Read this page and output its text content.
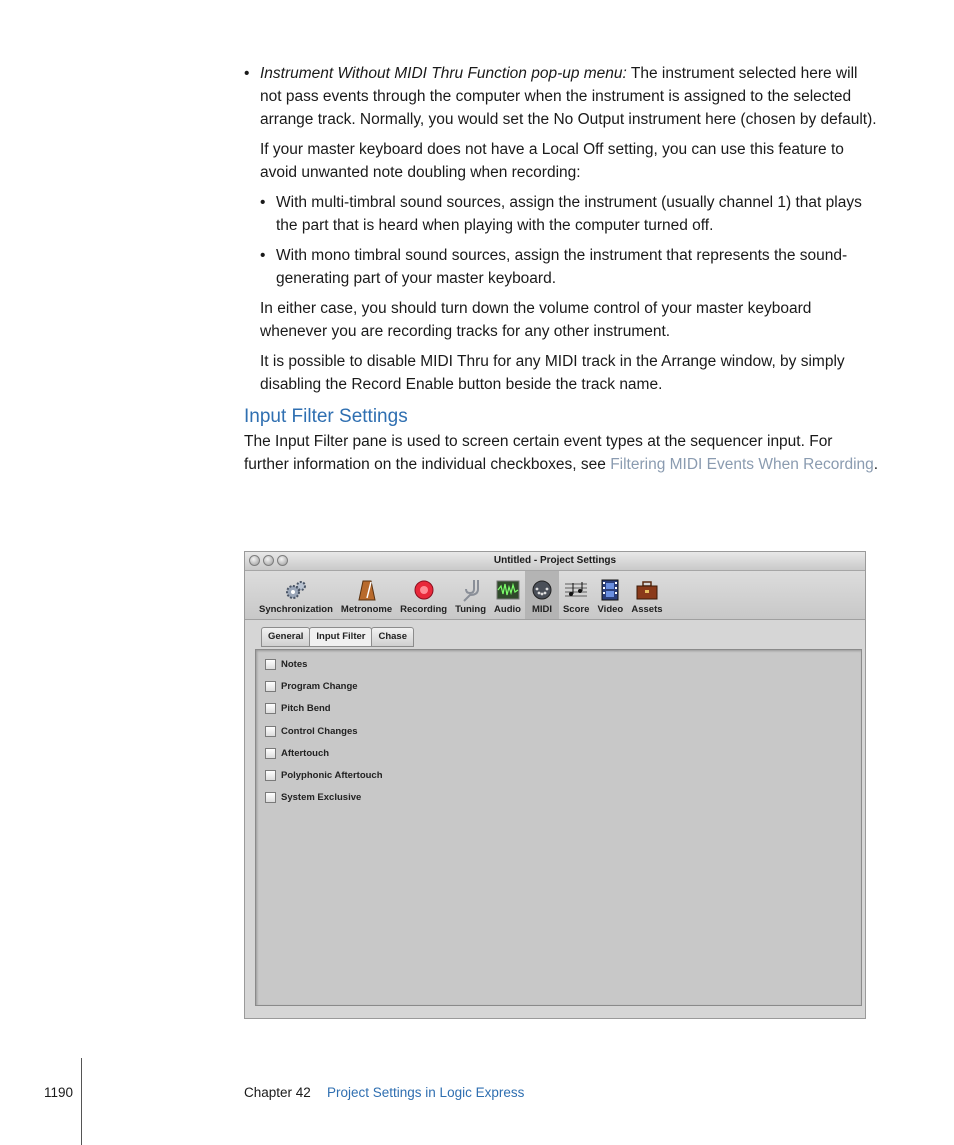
• Instrument Without MIDI Thru Function pop-up menu: The instrument selected here will not pass events through the computer when the instrument is assigned to the selected arrange track. Normally, you would set the No Output instrument here (chosen by default).

If your master keyboard does not have a Local Off setting, you can use this feature to avoid unwanted note doubling when recording:

• With multi-timbral sound sources, assign the instrument (usually channel 1) that plays the part that is heard when playing with the computer turned off.
• With mono timbral sound sources, assign the instrument that represents the sound-generating part of your master keyboard.

In either case, you should turn down the volume control of your master keyboard whenever you are recording tracks for any other instrument.

It is possible to disable MIDI Thru for any MIDI track in the Arrange window, by simply disabling the Record Enable button beside the track name.

Input Filter Settings

The Input Filter pane is used to screen certain event types at the sequencer input. For further information on the individual checkboxes, see Filtering MIDI Events When Recording.

Untitled - Project Settings
Synchronization Metronome Recording Tuning Audio MIDI Score Video Assets
General	Input Filter	Chase
Notes
Program Change
Pitch Bend
Control Changes
Aftertouch
Polyphonic Aftertouch
System Exclusive
1190	Chapter 42 Project Settings in Logic Express
